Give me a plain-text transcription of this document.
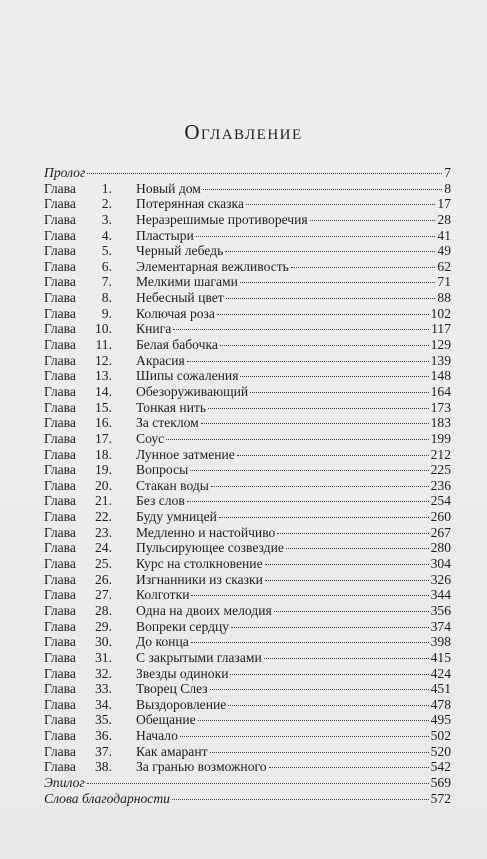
Оглавление
Пролог	7
Глава 1. Новый дом	8
Глава 2. Потерянная сказка	17
Глава 3. Неразрешимые противоречия	28
Глава 4. Пластыри	41
Глава 5. Черный лебедь	49
Глава 6. Элементарная вежливость	62
Глава 7. Мелкими шагами	71
Глава 8. Небесный цвет	88
Глава 9. Колючая роза	102
Глава 10. Книга	117
Глава 11. Белая бабочка	129
Глава 12. Акрасия	139
Глава 13. Шипы сожаления	148
Глава 14. Обезоруживающий	164
Глава 15. Тонкая нить	173
Глава 16. За стеклом	183
Глава 17. Соус	199
Глава 18. Лунное затмение	212
Глава 19. Вопросы	225
Глава 20. Стакан воды	236
Глава 21. Без слов	254
Глава 22. Буду умницей	260
Глава 23. Медленно и настойчиво	267
Глава 24. Пульсирующее созвездие	280
Глава 25. Курс на столкновение	304
Глава 26. Изгнанники из сказки	326
Глава 27. Колготки	344
Глава 28. Одна на двоих мелодия	356
Глава 29. Вопреки сердцу	374
Глава 30. До конца	398
Глава 31. С закрытыми глазами	415
Глава 32. Звезды одиноки	424
Глава 33. Творец Слез	451
Глава 34. Выздоровление	478
Глава 35. Обещание	495
Глава 36. Начало	502
Глава 37. Как амарант	520
Глава 38. За гранью возможного	542
Эпилог	569
Слова благодарности	572
